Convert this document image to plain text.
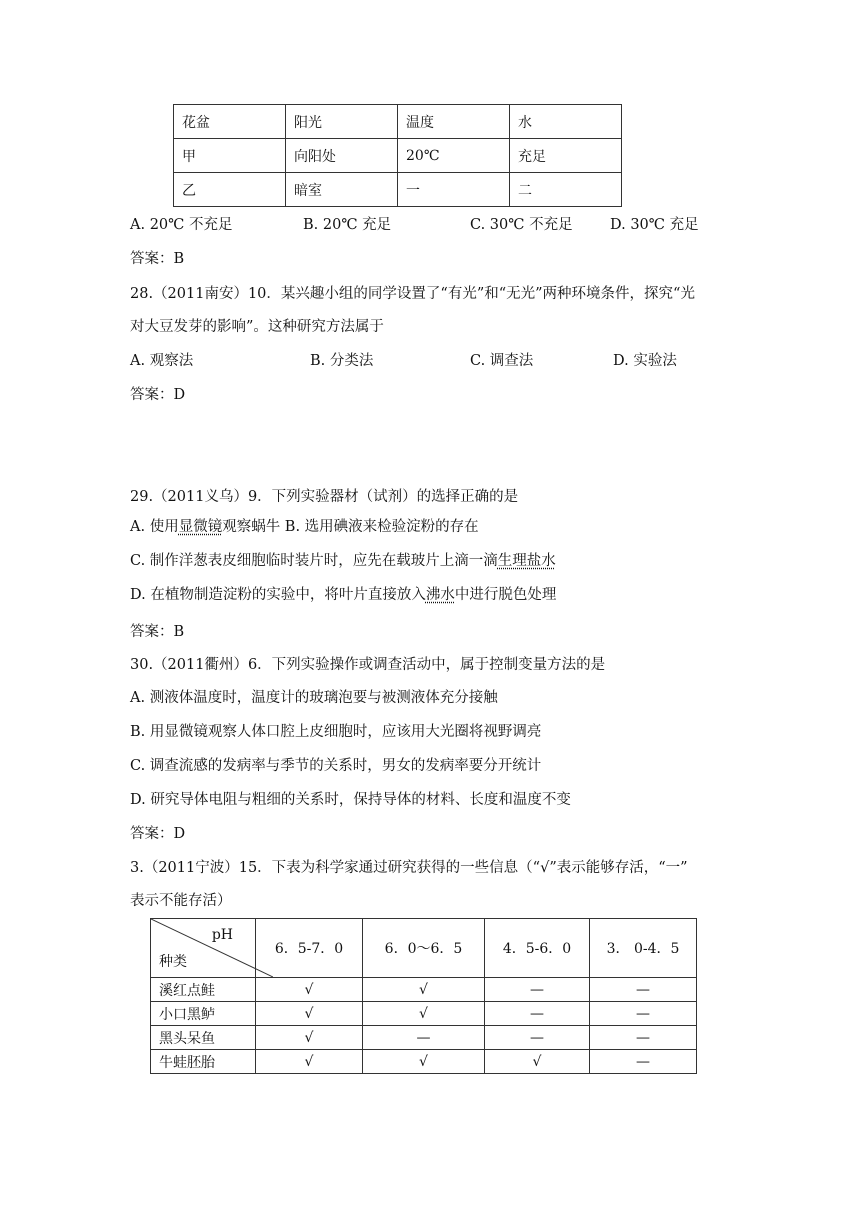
花盆	阳光	温度	水
甲	向阳处	20℃	充足
乙	暗室	一	二
A. 20℃ 不充足	B. 20℃ 充足	C. 30℃ 不充足	D. 30℃ 充足
答案：B
28.（2011南安）10．某兴趣小组的同学设置了“有光”和“无光”两种环境条件，探究“光
对大豆发芽的影响”。这种研究方法属于
A. 观察法	B. 分类法	C. 调查法	D. 实验法
答案：D
29.（2011义乌）9．下列实验器材（试剂）的选择正确的是
A. 使用显微镜观察蜗牛 B. 选用碘液来检验淀粉的存在
C. 制作洋葱表皮细胞临时装片时，应先在载玻片上滴一滴生理盐水
D. 在植物制造淀粉的实验中，将叶片直接放入沸水中进行脱色处理
答案：B
30.（2011衢州）6．下列实验操作或调查活动中，属于控制变量方法的是
A. 测液体温度时，温度计的玻璃泡要与被测液体充分接触
B. 用显微镜观察人体口腔上皮细胞时，应该用大光圈将视野调亮
C. 调查流感的发病率与季节的关系时，男女的发病率要分开统计
D. 研究导体电阻与粗细的关系时，保持导体的材料、长度和温度不变
答案：D
3.（2011宁波）15．下表为科学家通过研究获得的一些信息（“√”表示能够存活，“一”
表示不能存活）
pH
种类	6．5-7．0	6．0～6．5	4．5-6．0	3． 0-4．5
溪红点鲑	√	√	—	—
小口黑鲈	√	√	—	—
黑头呆鱼	√	—	—	—
牛蛙胚胎	√	√	√	—
